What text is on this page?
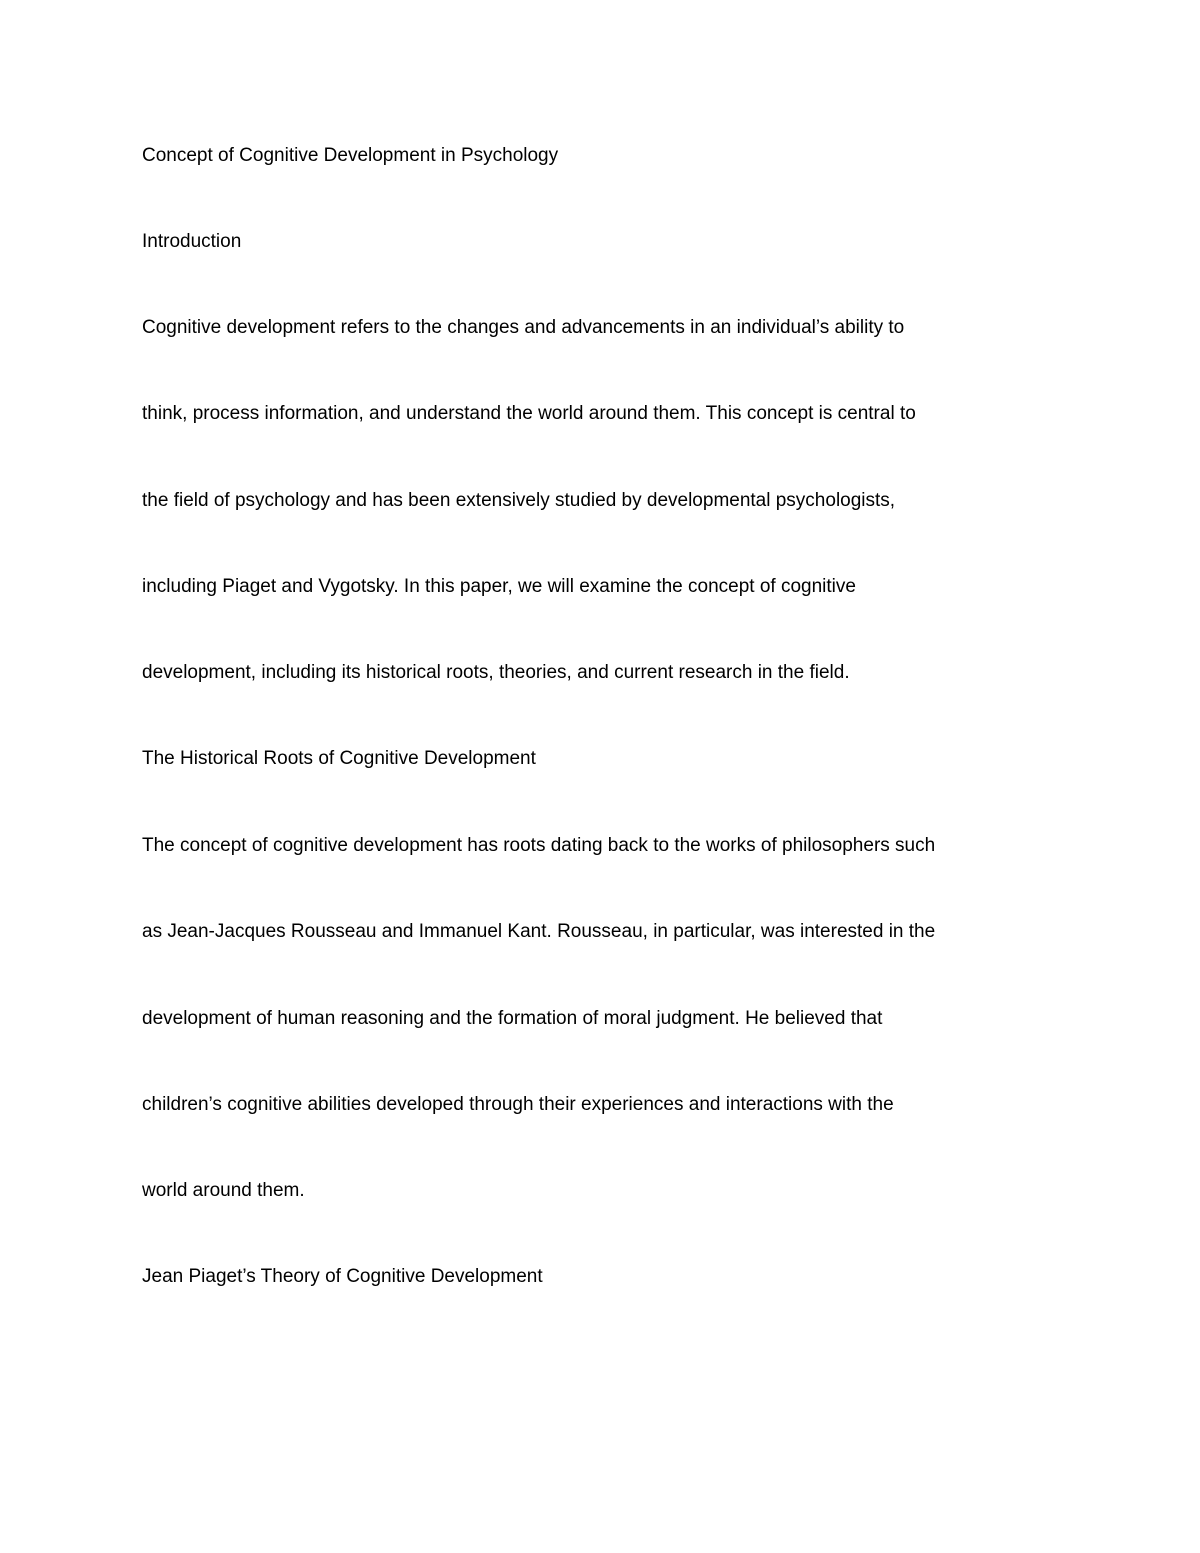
Concept of Cognitive Development in Psychology

Introduction

Cognitive development refers to the changes and advancements in an individual’s ability to

think, process information, and understand the world around them. This concept is central to

the field of psychology and has been extensively studied by developmental psychologists,

including Piaget and Vygotsky. In this paper, we will examine the concept of cognitive

development, including its historical roots, theories, and current research in the field.

The Historical Roots of Cognitive Development

The concept of cognitive development has roots dating back to the works of philosophers such

as Jean-Jacques Rousseau and Immanuel Kant. Rousseau, in particular, was interested in the

development of human reasoning and the formation of moral judgment. He believed that

children’s cognitive abilities developed through their experiences and interactions with the

world around them.

Jean Piaget’s Theory of Cognitive Development
